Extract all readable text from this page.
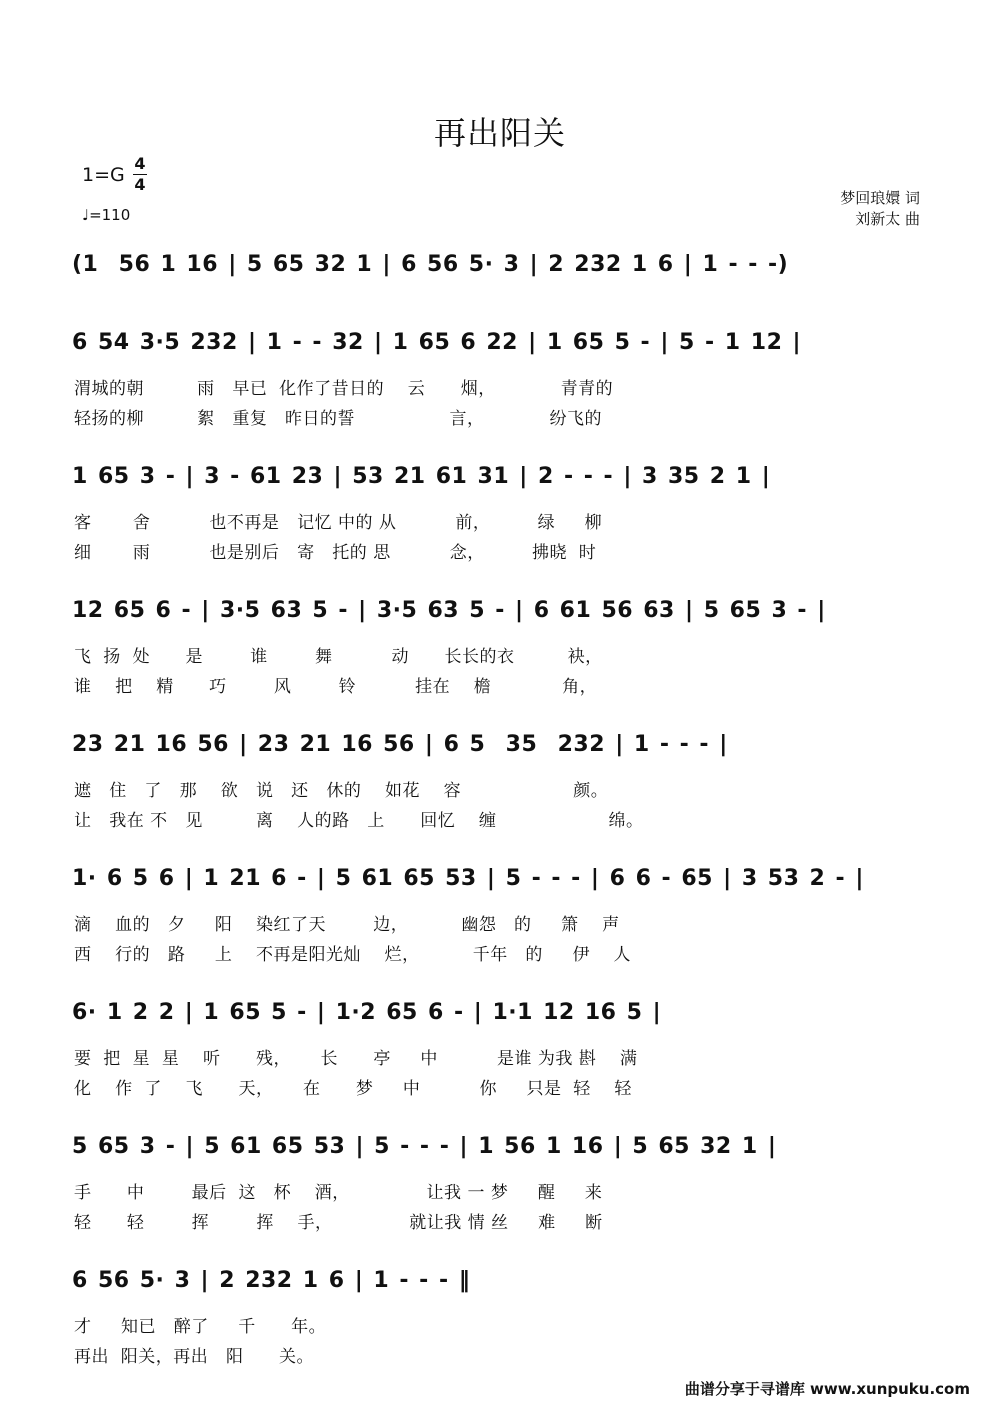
再出阳关
1=G
4
4
♩=110
梦回琅嬛 词
刘新太 曲
(1  56 1 16 | 5 65 32 1 | 6 56 5· 3 | 2 232 1 6 | 1 - - -)
6 54 3·5 232 | 1 - - 32 | 1 65 6 22 | 1 65 5 - | 5 - 1 12 |
渭城的朝         雨   早已  化作了昔日的    云      烟，           青青的
轻扬的柳         絮   重复   昨日的誓                言，           纷飞的
1 65 3 - | 3 - 61 23 | 53 21 61 31 | 2 - - - | 3 35 2 1 |
客       舍          也不再是   记忆 中的 从          前，        绿     柳
细       雨          也是别后   寄   托的 思          念，        拂晓  时
12 65 6 - | 3·5 63 5 - | 3·5 63 5 - | 6 61 56 63 | 5 65 3 - |
飞  扬  处      是        谁        舞          动      长长的衣         袂，
谁    把    精      巧        风        铃          挂在    檐            角，
23 21 16 56 | 23 21 16 56 | 6 5  35  232 | 1 - - - |
遮   住   了   那    欲   说   还   休的    如花    容                   颜。
让   我在 不   见         离    人的路   上      回忆    缠                   绵。
1· 6 5 6 | 1 21 6 - | 5 61 65 53 | 5 - - - | 6 6 - 65 | 3 53 2 - |
滴    血的   夕     阳    染红了天        边，         幽怨   的     箫    声
西    行的   路     上    不再是阳光灿    烂，         千年   的     伊    人
6· 1 2 2 | 1 65 5 - | 1·2 65 6 - | 1·1 12 16 5 |
要  把  星  星    听      残，     长      亭     中          是谁 为我 斟    满
化    作  了    飞      天，     在      梦     中          你     只是  轻    轻
5 65 3 - | 5 61 65 53 | 5 - - - | 1 56 1 16 | 5 65 32 1 |
手      中        最后  这   杯    酒，             让我 一 梦     醒     来
轻      轻        挥        挥    手，             就让我 情 丝     难     断
6 56 5· 3 | 2 232 1 6 | 1 - - - ‖
才     知已   醉了     千      年。
再出  阳关，再出   阳      关。
曲谱分享于寻谱库 www.xunpuku.com
